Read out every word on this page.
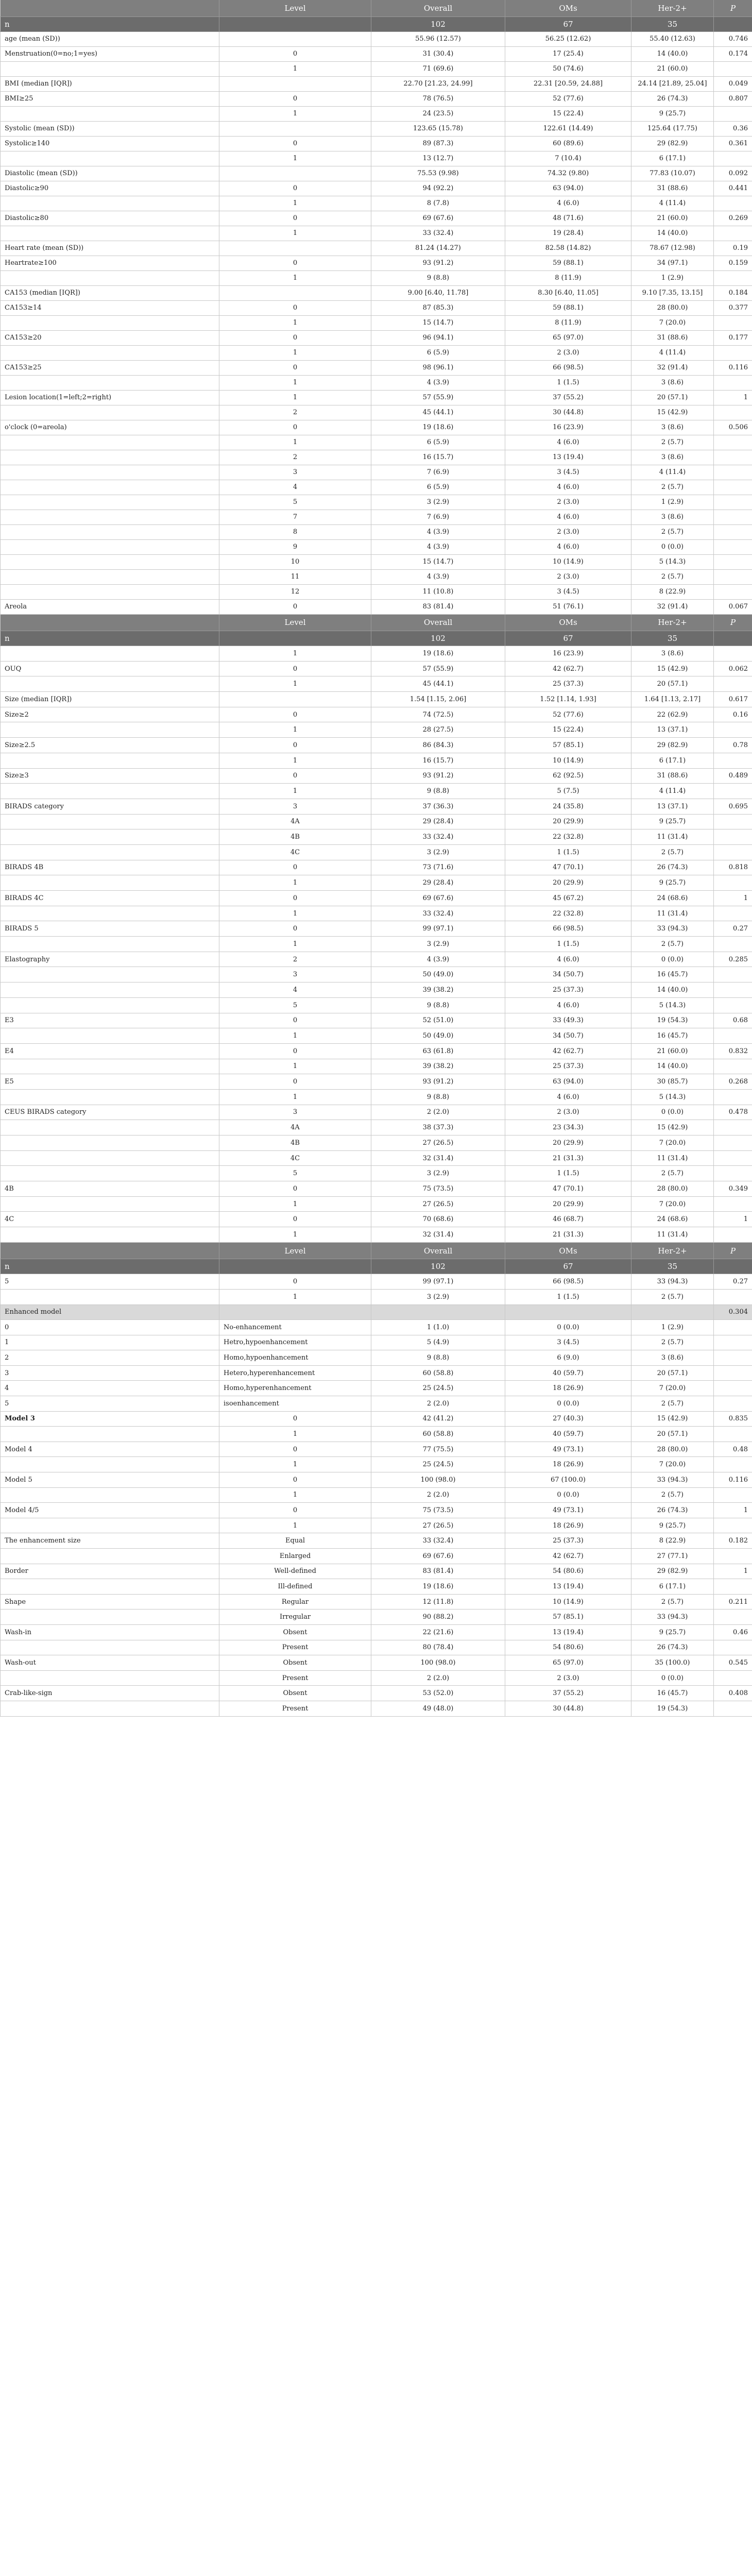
	Level	Overall	OMs	Her-2+	P
n		102	67	35	
age (mean (SD))		55.96 (12.57)	56.25 (12.62)	55.40 (12.63)	0.746
Menstruation(0=no;1=yes)	0	31 (30.4)	17 (25.4)	14 (40.0)	0.174
	1	71 (69.6)	50 (74.6)	21 (60.0)	
BMI (median [IQR])		22.70 [21.23, 24.99]	22.31 [20.59, 24.88]	24.14 [21.89, 25.04]	0.049
BMI≥25	0	78 (76.5)	52 (77.6)	26 (74.3)	0.807
	1	24 (23.5)	15 (22.4)	9 (25.7)	
Systolic (mean (SD))		123.65 (15.78)	122.61 (14.49)	125.64 (17.75)	0.36
Systolic≥140	0	89 (87.3)	60 (89.6)	29 (82.9)	0.361
	1	13 (12.7)	7 (10.4)	6 (17.1)	
Diastolic (mean (SD))		75.53 (9.98)	74.32 (9.80)	77.83 (10.07)	0.092
Diastolic≥90	0	94 (92.2)	63 (94.0)	31 (88.6)	0.441
	1	8 (7.8)	4 (6.0)	4 (11.4)	
Diastolic≥80	0	69 (67.6)	48 (71.6)	21 (60.0)	0.269
	1	33 (32.4)	19 (28.4)	14 (40.0)	
Heart rate (mean (SD))		81.24 (14.27)	82.58 (14.82)	78.67 (12.98)	0.19
Heartrate≥100	0	93 (91.2)	59 (88.1)	34 (97.1)	0.159
	1	9 (8.8)	8 (11.9)	1 (2.9)	
CA153 (median [IQR])		9.00 [6.40, 11.78]	8.30 [6.40, 11.05]	9.10 [7.35, 13.15]	0.184
CA153≥14	0	87 (85.3)	59 (88.1)	28 (80.0)	0.377
	1	15 (14.7)	8 (11.9)	7 (20.0)	
CA153≥20	0	96 (94.1)	65 (97.0)	31 (88.6)	0.177
	1	6 (5.9)	2 (3.0)	4 (11.4)	
CA153≥25	0	98 (96.1)	66 (98.5)	32 (91.4)	0.116
	1	4 (3.9)	1 (1.5)	3 (8.6)	
Lesion location(1=left;2=right)	1	57 (55.9)	37 (55.2)	20 (57.1)	1
	2	45 (44.1)	30 (44.8)	15 (42.9)	
o'clock (0=areola)	0	19 (18.6)	16 (23.9)	3 (8.6)	0.506
	1	6 (5.9)	4 (6.0)	2 (5.7)	
	2	16 (15.7)	13 (19.4)	3 (8.6)	
	3	7 (6.9)	3 (4.5)	4 (11.4)	
	4	6 (5.9)	4 (6.0)	2 (5.7)	
	5	3 (2.9)	2 (3.0)	1 (2.9)	
	7	7 (6.9)	4 (6.0)	3 (8.6)	
	8	4 (3.9)	2 (3.0)	2 (5.7)	
	9	4 (3.9)	4 (6.0)	0 (0.0)	
	10	15 (14.7)	10 (14.9)	5 (14.3)	
	11	4 (3.9)	2 (3.0)	2 (5.7)	
	12	11 (10.8)	3 (4.5)	8 (22.9)	
Areola	0	83 (81.4)	51 (76.1)	32 (91.4)	0.067
	Level	Overall	OMs	Her-2+	P
n		102	67	35	
	1	19 (18.6)	16 (23.9)	3 (8.6)	
OUQ	0	57 (55.9)	42 (62.7)	15 (42.9)	0.062
	1	45 (44.1)	25 (37.3)	20 (57.1)	
Size (median [IQR])		1.54 [1.15, 2.06]	1.52 [1.14, 1.93]	1.64 [1.13, 2.17]	0.617
Size≥2	0	74 (72.5)	52 (77.6)	22 (62.9)	0.16
	1	28 (27.5)	15 (22.4)	13 (37.1)	
Size≥2.5	0	86 (84.3)	57 (85.1)	29 (82.9)	0.78
	1	16 (15.7)	10 (14.9)	6 (17.1)	
Size≥3	0	93 (91.2)	62 (92.5)	31 (88.6)	0.489
	1	9 (8.8)	5 (7.5)	4 (11.4)	
BIRADS category	3	37 (36.3)	24 (35.8)	13 (37.1)	0.695
	4A	29 (28.4)	20 (29.9)	9 (25.7)	
	4B	33 (32.4)	22 (32.8)	11 (31.4)	
	4C	3 (2.9)	1 (1.5)	2 (5.7)	
BIRADS 4B	0	73 (71.6)	47 (70.1)	26 (74.3)	0.818
	1	29 (28.4)	20 (29.9)	9 (25.7)	
BIRADS 4C	0	69 (67.6)	45 (67.2)	24 (68.6)	1
	1	33 (32.4)	22 (32.8)	11 (31.4)	
BIRADS 5	0	99 (97.1)	66 (98.5)	33 (94.3)	0.27
	1	3 (2.9)	1 (1.5)	2 (5.7)	
Elastography	2	4 (3.9)	4 (6.0)	0 (0.0)	0.285
	3	50 (49.0)	34 (50.7)	16 (45.7)	
	4	39 (38.2)	25 (37.3)	14 (40.0)	
	5	9 (8.8)	4 (6.0)	5 (14.3)	
E3	0	52 (51.0)	33 (49.3)	19 (54.3)	0.68
	1	50 (49.0)	34 (50.7)	16 (45.7)	
E4	0	63 (61.8)	42 (62.7)	21 (60.0)	0.832
	1	39 (38.2)	25 (37.3)	14 (40.0)	
E5	0	93 (91.2)	63 (94.0)	30 (85.7)	0.268
	1	9 (8.8)	4 (6.0)	5 (14.3)	
CEUS BIRADS category	3	2 (2.0)	2 (3.0)	0 (0.0)	0.478
	4A	38 (37.3)	23 (34.3)	15 (42.9)	
	4B	27 (26.5)	20 (29.9)	7 (20.0)	
	4C	32 (31.4)	21 (31.3)	11 (31.4)	
	5	3 (2.9)	1 (1.5)	2 (5.7)	
4B	0	75 (73.5)	47 (70.1)	28 (80.0)	0.349
	1	27 (26.5)	20 (29.9)	7 (20.0)	
4C	0	70 (68.6)	46 (68.7)	24 (68.6)	1
	1	32 (31.4)	21 (31.3)	11 (31.4)	
	Level	Overall	OMs	Her-2+	P
n		102	67	35	
5	0	99 (97.1)	66 (98.5)	33 (94.3)	0.27
	1	3 (2.9)	1 (1.5)	2 (5.7)	
Enhanced model					0.304
0	No-enhancement	1 (1.0)	0 (0.0)	1 (2.9)	
1	Hetro,hypoenhancement	5 (4.9)	3 (4.5)	2 (5.7)	
2	Homo,hypoenhancement	9 (8.8)	6 (9.0)	3 (8.6)	
3	Hetero,hyperenhancement	60 (58.8)	40 (59.7)	20 (57.1)	
4	Homo,hyperenhancement	25 (24.5)	18 (26.9)	7 (20.0)	
5	isoenhancement	2 (2.0)	0 (0.0)	2 (5.7)	
Model 3	0	42 (41.2)	27 (40.3)	15 (42.9)	0.835
	1	60 (58.8)	40 (59.7)	20 (57.1)	
Model 4	0	77 (75.5)	49 (73.1)	28 (80.0)	0.48
	1	25 (24.5)	18 (26.9)	7 (20.0)	
Model 5	0	100 (98.0)	67 (100.0)	33 (94.3)	0.116
	1	2 (2.0)	0 (0.0)	2 (5.7)	
Model 4/5	0	75 (73.5)	49 (73.1)	26 (74.3)	1
	1	27 (26.5)	18 (26.9)	9 (25.7)	
The enhancement size	Equal	33 (32.4)	25 (37.3)	8 (22.9)	0.182
	Enlarged	69 (67.6)	42 (62.7)	27 (77.1)	
Border	Well-defined	83 (81.4)	54 (80.6)	29 (82.9)	1
	Ill-defined	19 (18.6)	13 (19.4)	6 (17.1)	
Shape	Regular	12 (11.8)	10 (14.9)	2 (5.7)	0.211
	Irregular	90 (88.2)	57 (85.1)	33 (94.3)	
Wash-in	Obsent	22 (21.6)	13 (19.4)	9 (25.7)	0.46
	Present	80 (78.4)	54 (80.6)	26 (74.3)	
Wash-out	Obsent	100 (98.0)	65 (97.0)	35 (100.0)	0.545
	Present	2 (2.0)	2 (3.0)	0 (0.0)	
Crab-like-sign	Obsent	53 (52.0)	37 (55.2)	16 (45.7)	0.408
	Present	49 (48.0)	30 (44.8)	19 (54.3)	
